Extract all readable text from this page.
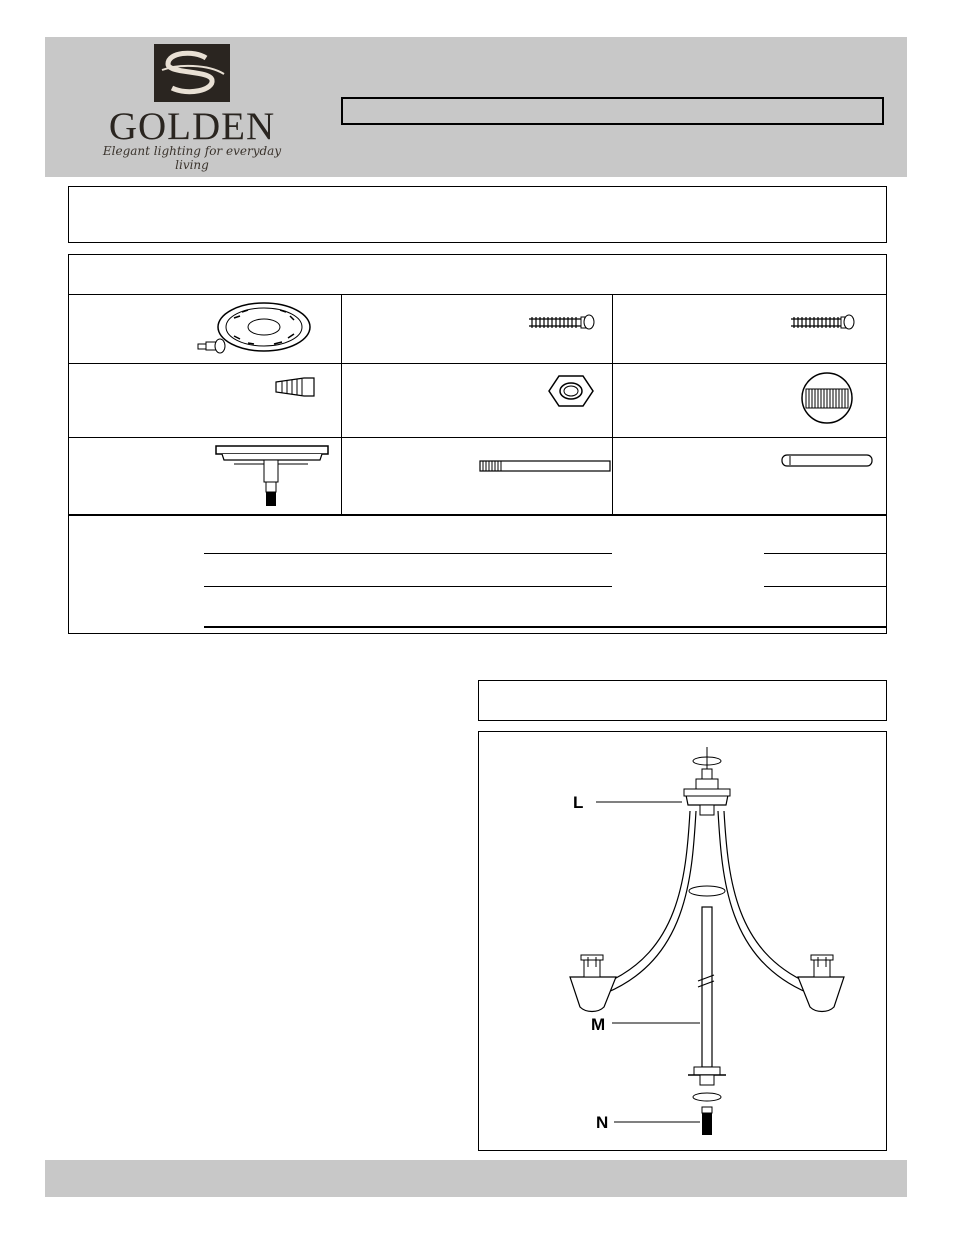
GOLDEN
Elegant lighting for everyday living
L
M
N
